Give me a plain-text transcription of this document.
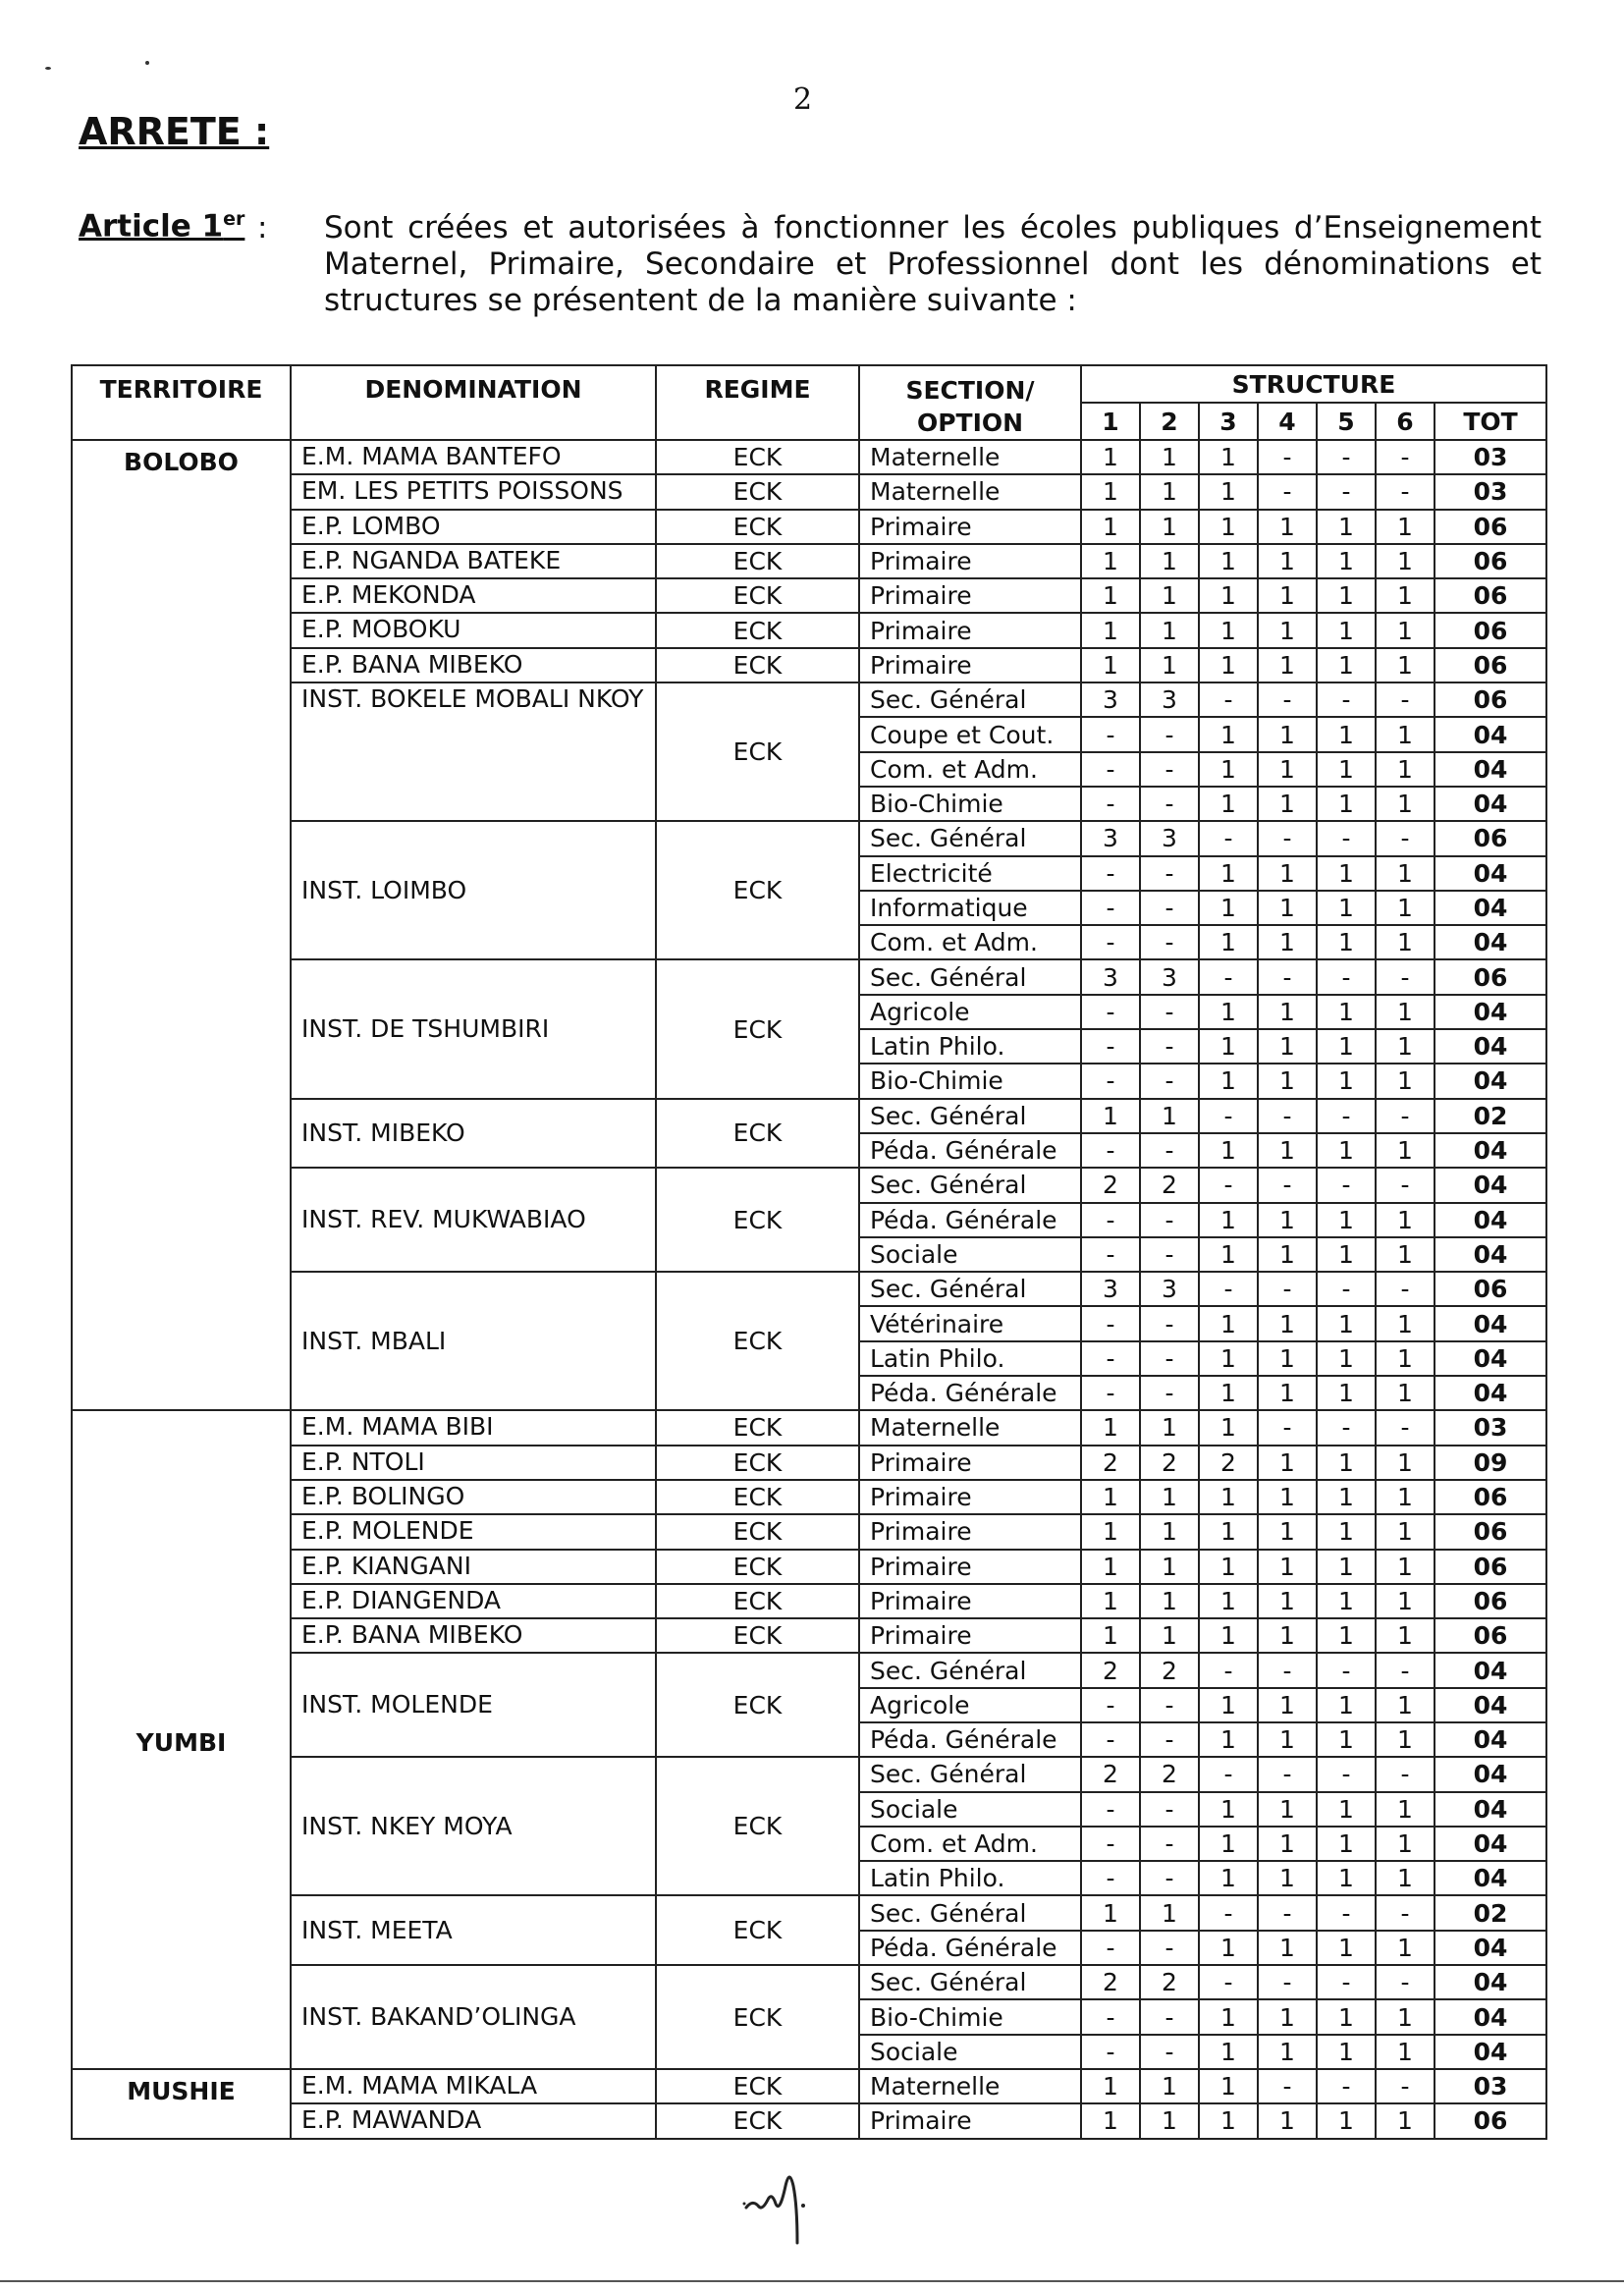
2
ARRETE :
Article 1er : Sont créées et autorisées à fonctionner les écoles publiques d’Enseignement Maternel, Primaire, Secondaire et Professionnel dont les dénominations et structures se présentent de la manière suivante :
TERRITOIRE	DENOMINATION	REGIME	SECTION/ OPTION	STRUCTURE						
				1	2	3	4	5	6	TOT
BOLOBO	E.M. MAMA BANTEFO	ECK	Maternelle	1	1	1	-	-	-	03
	EM. LES PETITS POISSONS	ECK	Maternelle	1	1	1	-	-	-	03
	E.P. LOMBO	ECK	Primaire	1	1	1	1	1	1	06
	E.P. NGANDA BATEKE	ECK	Primaire	1	1	1	1	1	1	06
	E.P. MEKONDA	ECK	Primaire	1	1	1	1	1	1	06
	E.P. MOBOKU	ECK	Primaire	1	1	1	1	1	1	06
	E.P. BANA MIBEKO	ECK	Primaire	1	1	1	1	1	1	06
	INST. BOKELE MOBALI NKOY	ECK	Sec. Général	3	3	-	-	-	-	06
			Coupe et Cout.	-	-	1	1	1	1	04
			Com. et Adm.	-	-	1	1	1	1	04
			Bio-Chimie	-	-	1	1	1	1	04
	INST. LOIMBO	ECK	Sec. Général	3	3	-	-	-	-	06
			Electricité	-	-	1	1	1	1	04
			Informatique	-	-	1	1	1	1	04
			Com. et Adm.	-	-	1	1	1	1	04
	INST. DE TSHUMBIRI	ECK	Sec. Général	3	3	-	-	-	-	06
			Agricole	-	-	1	1	1	1	04
			Latin Philo.	-	-	1	1	1	1	04
			Bio-Chimie	-	-	1	1	1	1	04
	INST. MIBEKO	ECK	Sec. Général	1	1	-	-	-	-	02
			Péda. Générale	-	-	1	1	1	1	04
	INST. REV. MUKWABIAO	ECK	Sec. Général	2	2	-	-	-	-	04
			Péda. Générale	-	-	1	1	1	1	04
			Sociale	-	-	1	1	1	1	04
	INST. MBALI	ECK	Sec. Général	3	3	-	-	-	-	06
			Vétérinaire	-	-	1	1	1	1	04
			Latin Philo.	-	-	1	1	1	1	04
			Péda. Générale	-	-	1	1	1	1	04
YUMBI	E.M. MAMA BIBI	ECK	Maternelle	1	1	1	-	-	-	03
	E.P. NTOLI	ECK	Primaire	2	2	2	1	1	1	09
	E.P. BOLINGO	ECK	Primaire	1	1	1	1	1	1	06
	E.P. MOLENDE	ECK	Primaire	1	1	1	1	1	1	06
	E.P. KIANGANI	ECK	Primaire	1	1	1	1	1	1	06
	E.P. DIANGENDA	ECK	Primaire	1	1	1	1	1	1	06
	E.P. BANA MIBEKO	ECK	Primaire	1	1	1	1	1	1	06
	INST. MOLENDE	ECK	Sec. Général	2	2	-	-	-	-	04
			Agricole	-	-	1	1	1	1	04
			Péda. Générale	-	-	1	1	1	1	04
	INST. NKEY MOYA	ECK	Sec. Général	2	2	-	-	-	-	04
			Sociale	-	-	1	1	1	1	04
			Com. et Adm.	-	-	1	1	1	1	04
			Latin Philo.	-	-	1	1	1	1	04
	INST. MEETA	ECK	Sec. Général	1	1	-	-	-	-	02
			Péda. Générale	-	-	1	1	1	1	04
	INST. BAKAND’OLINGA	ECK	Sec. Général	2	2	-	-	-	-	04
			Bio-Chimie	-	-	1	1	1	1	04
			Sociale	-	-	1	1	1	1	04
MUSHIE	E.M. MAMA MIKALA	ECK	Maternelle	1	1	1	-	-	-	03
	E.P. MAWANDA	ECK	Primaire	1	1	1	1	1	1	06
